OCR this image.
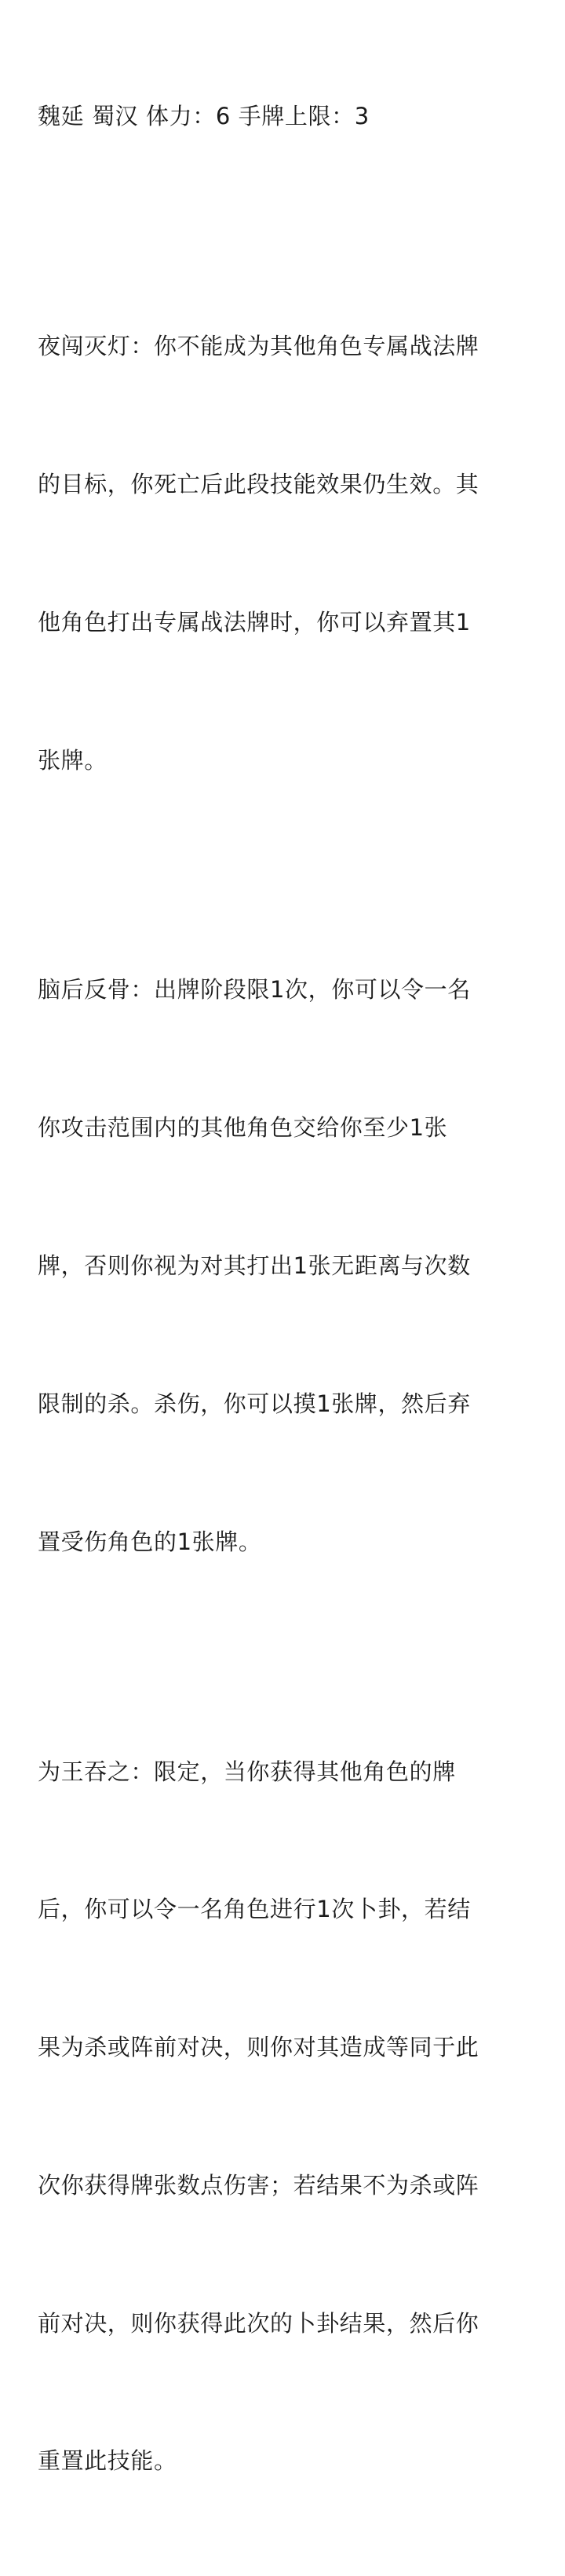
魏延 蜀汉 体力：6 手牌上限：3

夜闯灭灯：你不能成为其他角色专属战法牌

的目标，你死亡后此段技能效果仍生效。其

他角色打出专属战法牌时，你可以弃置其1

张牌。

脑后反骨：出牌阶段限1次，你可以令一名

你攻击范围内的其他角色交给你至少1张

牌，否则你视为对其打出1张无距离与次数

限制的杀。杀伤，你可以摸1张牌，然后弃

置受伤角色的1张牌。

为王吞之：限定，当你获得其他角色的牌

后，你可以令一名角色进行1次卜卦，若结

果为杀或阵前对决，则你对其造成等同于此

次你获得牌张数点伤害；若结果不为杀或阵

前对决，则你获得此次的卜卦结果，然后你

重置此技能。
